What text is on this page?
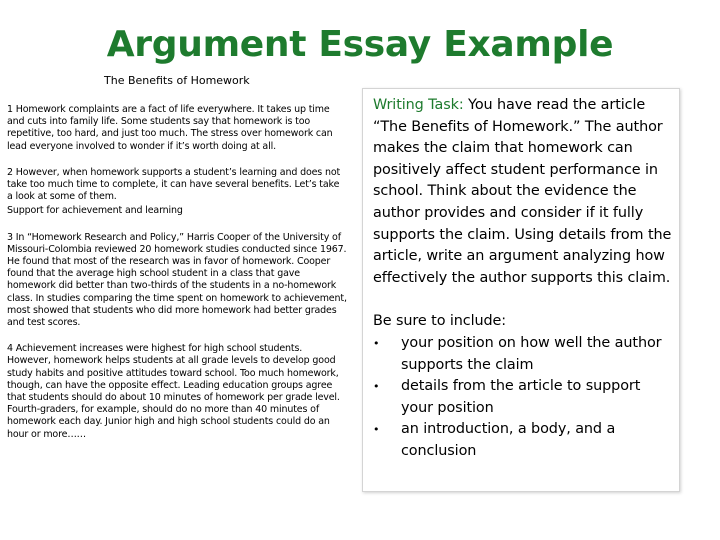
Argument Essay Example

The Benefits of Homework

1 Homework complaints are a fact of life everywhere. It takes up time and cuts into family life. Some students say that homework is too repetitive, too hard, and just too much. The stress over homework can lead everyone involved to wonder if it’s worth doing at all.

2 However, when homework supports a student’s learning and does not take too much time to complete, it can have several benefits. Let’s take a look at some of them.

Support for achievement and learning

3 In “Homework Research and Policy,” Harris Cooper of the University of Missouri-Colombia reviewed 20 homework studies conducted since 1967. He found that most of the research was in favor of homework. Cooper found that the average high school student in a class that gave homework did better than two-thirds of the students in a no-homework class. In studies comparing the time spent on homework to achievement, most showed that students who did more homework had better grades and test scores.

4 Achievement increases were highest for high school students. However, homework helps students at all grade levels to develop good study habits and positive attitudes toward school. Too much homework, though, can have the opposite effect. Leading education groups agree that students should do about 10 minutes of homework per grade level. Fourth-graders, for example, should do no more than 40 minutes of homework each day. Junior high and high school students could do an hour or more……

Writing Task: You have read the article “The Benefits of Homework.” The author makes the claim that homework can positively affect student performance in school. Think about the evidence the author provides and consider if it fully supports the claim. Using details from the article, write an argument analyzing how effectively the author supports this claim.

Be sure to include:

• your position on how well the author supports the claim
• details from the article to support your position
• an introduction, a body, and a conclusion
